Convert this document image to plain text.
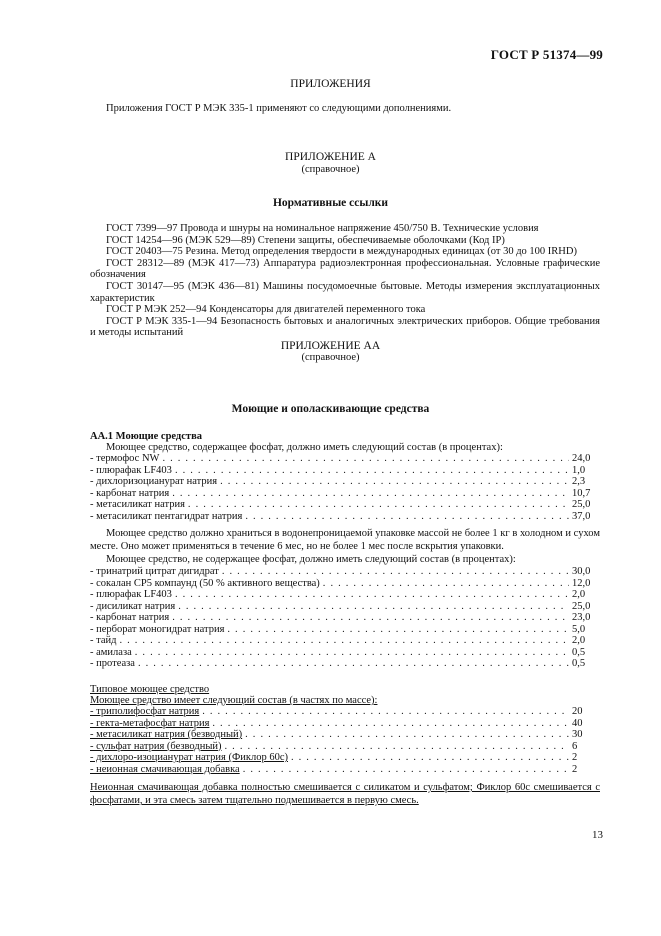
ГОСТ Р 51374—99
ПРИЛОЖЕНИЯ
Приложения ГОСТ Р МЭК 335-1 применяют со следующими дополнениями.
ПРИЛОЖЕНИЕ А
(справочное)
Нормативные ссылки
ГОСТ 7399—97 Провода и шнуры на номинальное напряжение 450/750 В. Технические условия
ГОСТ 14254—96 (МЭК 529—89) Степени защиты, обеспечиваемые оболочками (Код IP)
ГОСТ 20403—75 Резина. Метод определения твердости в международных единицах (от 30 до 100 IRHD)
ГОСТ 28312—89 (МЭК 417—73) Аппаратура радиоэлектронная профессиональная. Условные графические обозначения
ГОСТ 30147—95 (МЭК 436—81) Машины посудомоечные бытовые. Методы измерения эксплуатационных характеристик
ГОСТ Р МЭК 252—94 Конденсаторы для двигателей переменного тока
ГОСТ Р МЭК 335-1—94 Безопасность бытовых и аналогичных электрических приборов. Общие требования и методы испытаний
ПРИЛОЖЕНИЕ АА
(справочное)
Моющие и ополаскивающие средства
АА.1 Моющие средства
Моющее средство, содержащее фосфат, должно иметь следующий состав (в процентах):
- термофос NW . . .	24,0
- плюрафак LF403 . . .	1,0
- дихлоризоцианурат натрия . . .	2,3
- карбонат натрия . . .	10,7
- метасиликат натрия . . .	25,0
- метасиликат пентагидрат натрия . . .	37,0
Моющее средство должно храниться в водонепроницаемой упаковке массой не более 1 кг в холодном и сухом месте. Оно может применяться в течение 6 мес, но не более 1 мес после вскрытия упаковки.
Моющее средство, не содержащее фосфат, должно иметь следующий состав (в процентах):
- тринатрий цитрат дигидрат . . .	30,0
- сокалан CP5 компаунд (50 % активного вещества) . . .	12,0
- плюрафак LF403 . . .	2,0
- дисиликат натрия . . .	25,0
- карбонат натрия . . .	23,0
- перборат моногидрат натрия . . .	5,0
- тайд . . .	2,0
- амилаза . . .	0,5
- протеаза . . .	0,5
Типовое моющее средство
Моющее средство имеет следующий состав (в частях по массе):
- триполифосфат натрия . . .	20
- гекта-метафосфат натрия . . .	40
- метасиликат натрия (безводный) . . .	30
- сульфат натрия (безводный) . . .	6
- дихлоро-изоцианурат натрия (Фиклор 60с) . . .	2
- неионная смачивающая добавка . . .	2
Неионная смачивающая добавка полностью смешивается с силикатом и сульфатом; Фиклор 60с смешивается с фосфатами, и эта смесь затем тщательно подмешивается в первую смесь.
13
